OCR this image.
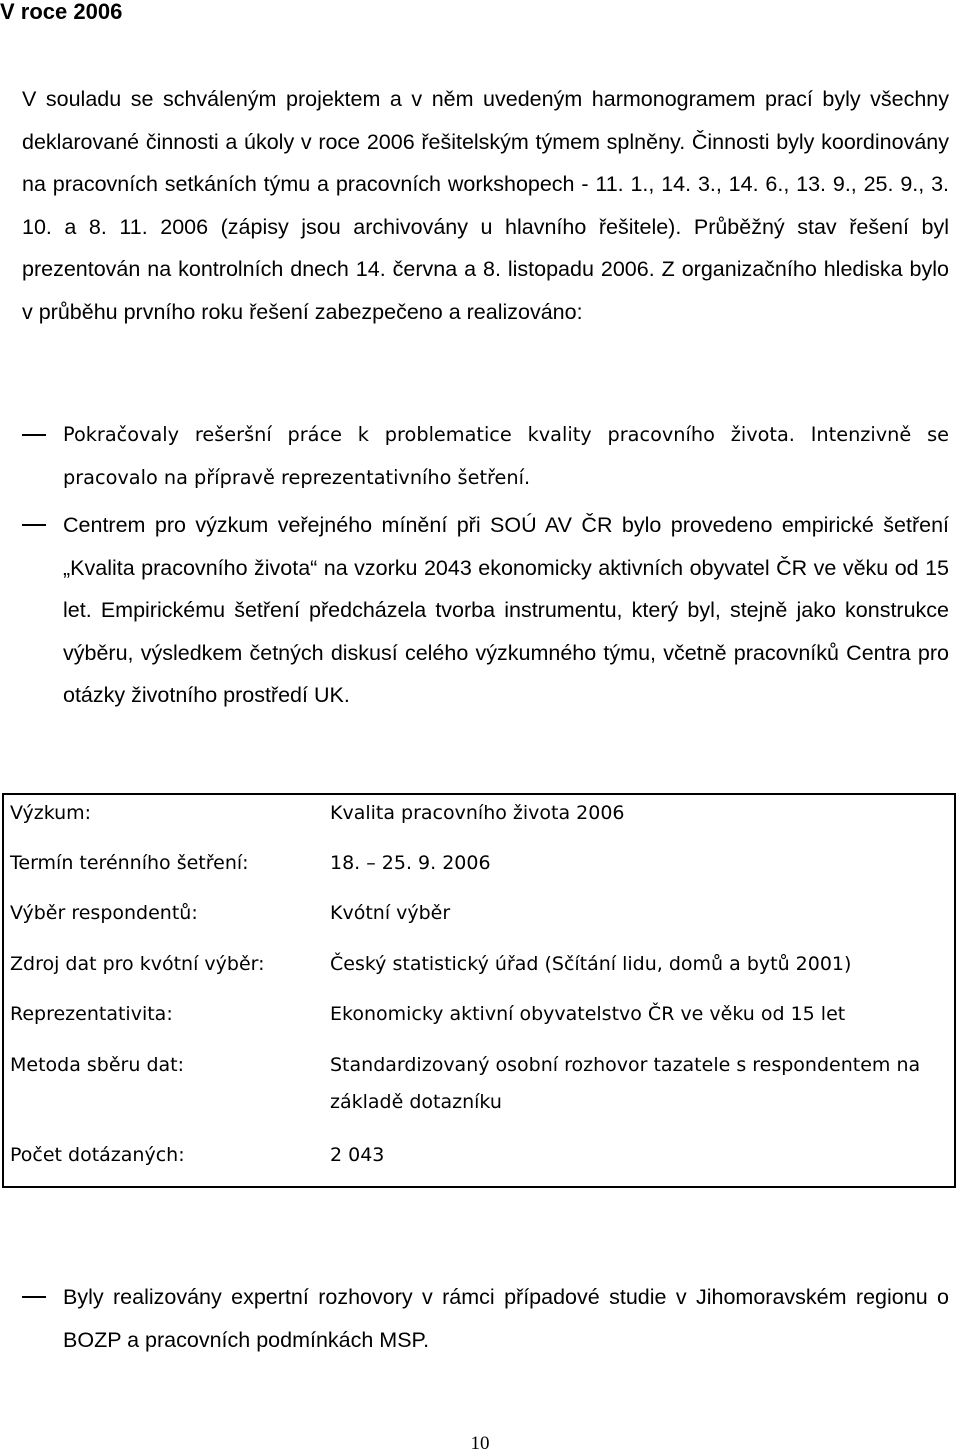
V roce 2006

V souladu se schváleným projektem a v něm uvedeným harmonogramem prací byly všechny deklarované činnosti a úkoly v roce 2006 řešitelským týmem splněny. Činnosti byly koordinovány na pracovních setkáních týmu a pracovních workshopech - 11. 1., 14. 3., 14. 6., 13. 9., 25. 9., 3. 10. a 8. 11. 2006 (zápisy jsou archivovány u hlavního řešitele). Průběžný stav řešení byl prezentován na kontrolních dnech 14. června a 8. listopadu 2006. Z organizačního hlediska bylo v průběhu prvního roku řešení zabezpečeno a realizováno:

Pokračovaly rešeršní práce k problematice kvality pracovního života. Intenzivně se pracovalo na přípravě reprezentativního šetření.
Centrem pro výzkum veřejného mínění při SOÚ AV ČR bylo provedeno empirické šetření „Kvalita pracovního života“ na vzorku 2043 ekonomicky aktivních obyvatel ČR ve věku od 15 let. Empirickému šetření předcházela tvorba instrumentu, který byl, stejně jako konstrukce výběru, výsledkem četných diskusí celého výzkumného týmu, včetně pracovníků Centra pro otázky životního prostředí UK.
Výzkum:	Kvalita pracovního života 2006
Termín terénního šetření:	18. – 25. 9. 2006
Výběr respondentů:	Kvótní výběr
Zdroj dat pro kvótní výběr:	Český statistický úřad (Sčítání lidu, domů a bytů 2001)
Reprezentativita:	Ekonomicky aktivní obyvatelstvo ČR ve věku od 15 let
Metoda sběru dat:	Standardizovaný osobní rozhovor tazatele s respondentem na základě dotazníku
Počet dotázaných:	2 043
Byly realizovány expertní rozhovory v rámci případové studie v Jihomoravském regionu o BOZP a pracovních podmínkách MSP.
10
